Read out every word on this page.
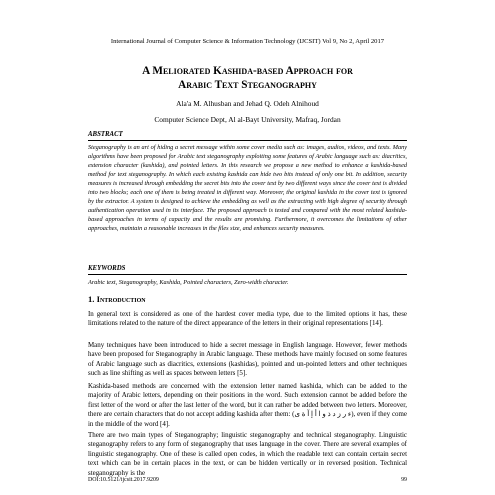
International Journal of Computer Science & Information Technology (IJCSIT) Vol 9, No 2, April 2017
A Meliorated Kashida-based Approach for
Arabic Text Steganography
Ala'a M. Alhusban and Jehad Q. Odeh Alnihoud
Computer Science Dept, Al al-Bayt University, Mafraq, Jordan
ABSTRACT

Steganography is an art of hiding a secret message within some cover media such as: images, audios, videos, and texts. Many algorithms have been proposed for Arabic text steganography exploiting some features of Arabic language such as: diacritics, extension character (kashida), and pointed letters. In this research we propose a new method to enhance a kashida-based method for text steganography. In which each existing kashida can hide two bits instead of only one bit. In addition, security measures is increased through embedding the secret bits into the cover text by two different ways since the cover text is divided into two blocks; each one of them is being treated in different way. Moreover, the original kashida in the cover text is ignored by the extractor. A system is designed to achieve the embedding as well as the extracting with high degree of security through authentication operation used in its interface. The proposed approach is tested and compared with the most related kashida-based approaches in terms of capacity and the results are promising. Furthermore, it overcomes the limitations of other approaches, maintain a reasonable increases in the files size, and enhances security measures.

KEYWORDS

Arabic text, Steganography, Kashida, Pointed characters, Zero-width character.

1. Introduction

In general text is considered as one of the hardest cover media type, due to the limited options it has, these limitations related to the nature of the direct appearance of the letters in their original representations [14].

Many techniques have been introduced to hide a secret message in English language. However, fewer methods have been proposed for Steganography in Arabic language. These methods have mainly focused on some features of Arabic language such as diacritics, extensions (kashidas), pointed and un-pointed letters and other techniques such as line shifting as well as spaces between letters [5].

Kashida-based methods are concerned with the extension letter named kashida, which can be added to the majority of Arabic letters, depending on their positions in the word. Such extension cannot be added before the first letter of the word or after the last letter of the word, but it can rather be added between two letters. Moreover, there are certain characters that do not accept adding kashida after them: (ء ر ز د ذ و ا أ إ آ ة ى), even if they come in the middle of the word [4].

There are two main types of Steganography; linguistic steganography and technical steganography. Linguistic steganography refers to any form of steganography that uses language in the cover. There are several examples of linguistic steganography. One of these is called open codes, in which the readable text can contain certain secret text which can be in certain places in the text, or can be hidden vertically or in reversed position. Technical steganography is the

DOI:10.5121/ijcsit.2017.9209	99
